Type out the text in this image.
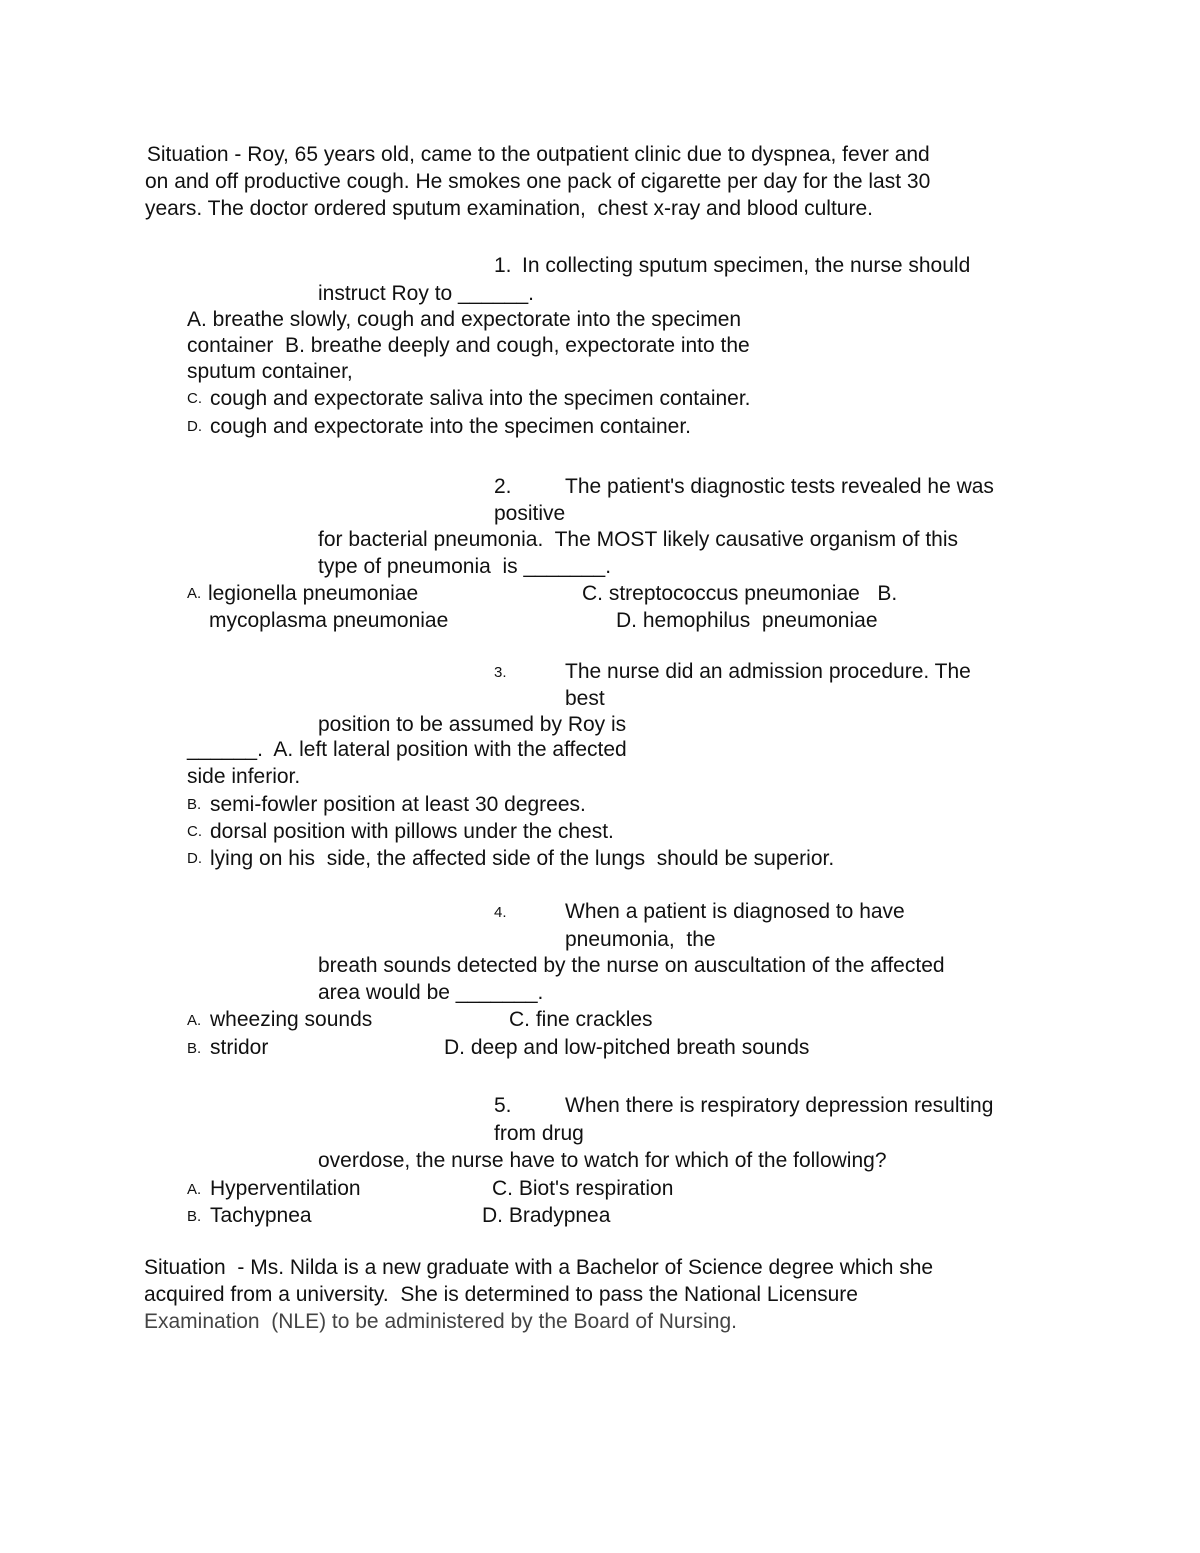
Situation - Roy, 65 years old, came to the outpatient clinic due to dyspnea, fever and
on and off productive cough. He smokes one pack of cigarette per day for the last 30
years. The doctor ordered sputum examination,  chest x-ray and blood culture.
1. In collecting sputum specimen, the nurse should
instruct Roy to ______.
A. breathe slowly, cough and expectorate into the specimen
container  B. breathe deeply and cough, expectorate into the
sputum container,
C. cough and expectorate saliva into the specimen container.
D. cough and expectorate into the specimen container.
2.	The patient's diagnostic tests revealed he was
positive
for bacterial pneumonia.  The MOST likely causative organism of this
type of pneumonia  is _______.
A. legionella pneumoniae	C. streptococcus pneumoniae   B.
mycoplasma pneumoniae	D. hemophilus  pneumoniae
3.	The nurse did an admission procedure. The
best
position to be assumed by Roy is
______.  A. left lateral position with the affected
side inferior.
B. semi-fowler position at least 30 degrees.
C. dorsal position with pillows under the chest.
D. lying on his  side, the affected side of the lungs  should be superior.
4.	When a patient is diagnosed to have
pneumonia,  the
breath sounds detected by the nurse on auscultation of the affected
area would be _______.
A. wheezing sounds	C. fine crackles
B. stridor	D. deep and low-pitched breath sounds
5.	When there is respiratory depression resulting
from drug
overdose, the nurse have to watch for which of the following?
A. Hyperventilation	C. Biot's respiration
B. Tachypnea	D. Bradypnea
Situation  - Ms. Nilda is a new graduate with a Bachelor of Science degree which she
acquired from a university.  She is determined to pass the National Licensure
Examination  (NLE) to be administered by the Board of Nursing.
